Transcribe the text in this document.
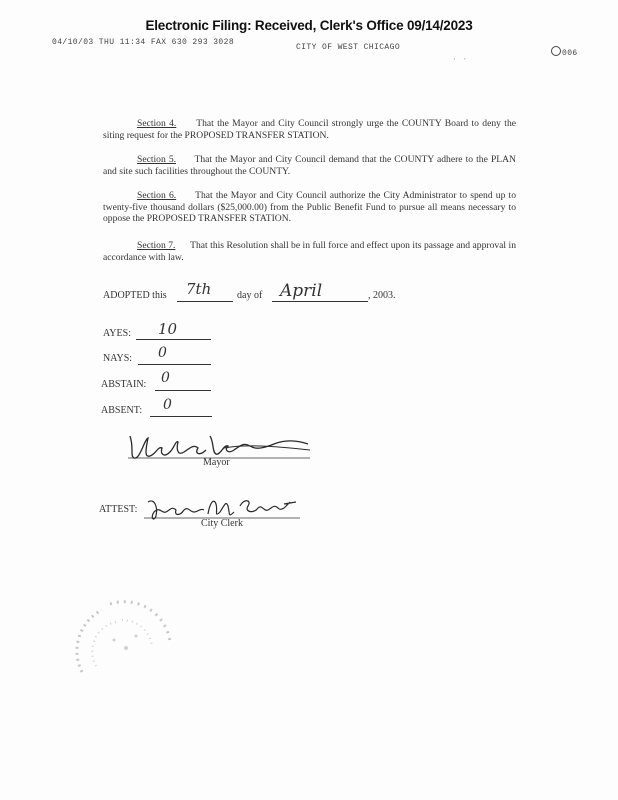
Electronic Filing: Received, Clerk's Office 09/14/2023
04/10/03 THU 11:34 FAX 630 293 3028
CITY OF WEST CHICAGO
006
· ·

Section 4. That the Mayor and City Council strongly urge the COUNTY Board to deny the siting request for the PROPOSED TRANSFER STATION.

Section 5. That the Mayor and City Council demand that the COUNTY adhere to the PLAN and site such facilities throughout the COUNTY.

Section 6. That the Mayor and City Council authorize the City Administrator to spend up to twenty-five thousand dollars ($25,000.00) from the Public Benefit Fund to pursue all means necessary to oppose the PROPOSED TRANSFER STATION.

Section 7. That this Resolution shall be in full force and effect upon its passage and approval in accordance with law.

ADOPTED this 7th	day of April	, 2003.
AYES: 10
NAYS: 0
ABSTAIN: 0
ABSENT: 0
Mayor
ATTEST:
City Clerk
